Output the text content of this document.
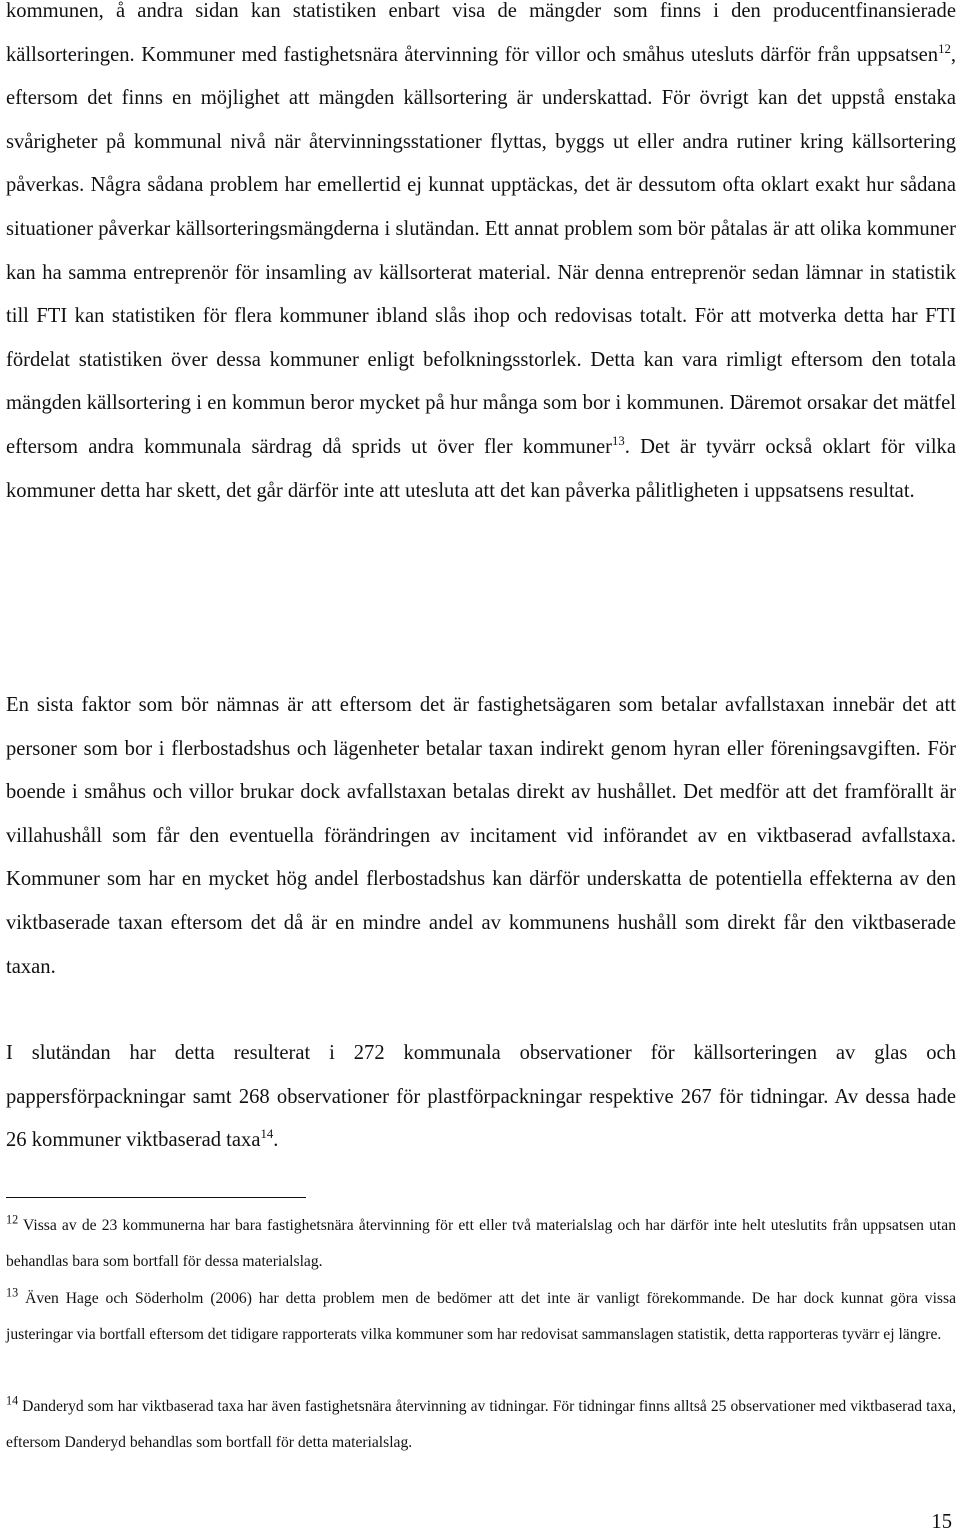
kommunen, å andra sidan kan statistiken enbart visa de mängder som finns i den producentfinansierade källsorteringen. Kommuner med fastighetsnära återvinning för villor och småhus utesluts därför från uppsatsen$^{12}$, eftersom det finns en möjlighet att mängden källsortering är underskattad. För övrigt kan det uppstå enstaka svårigheter på kommunal nivå när återvinningsstationer flyttas, byggs ut eller andra rutiner kring källsortering påverkas. Några sådana problem har emellertid ej kunnat upptäckas, det är dessutom ofta oklart exakt hur sådana situationer påverkar källsorteringsmängderna i slutändan. Ett annat problem som bör påtalas är att olika kommuner kan ha samma entreprenör för insamling av källsorterat material. När denna entreprenör sedan lämnar in statistik till FTI kan statistiken för flera kommuner ibland slås ihop och redovisas totalt. För att motverka detta har FTI fördelat statistiken över dessa kommuner enligt befolkningsstorlek. Detta kan vara rimligt eftersom den totala mängden källsortering i en kommun beror mycket på hur många som bor i kommunen. Däremot orsakar det mätfel eftersom andra kommunala särdrag då sprids ut över fler kommuner$^{13}$. Det är tyvärr också oklart för vilka kommuner detta har skett, det går därför inte att utesluta att det kan påverka pålitligheten i uppsatsens resultat.

En sista faktor som bör nämnas är att eftersom det är fastighetsägaren som betalar avfallstaxan innebär det att personer som bor i flerbostadshus och lägenheter betalar taxan indirekt genom hyran eller föreningsavgiften. För boende i småhus och villor brukar dock avfallstaxan betalas direkt av hushållet. Det medför att det framförallt är villahushåll som får den eventuella förändringen av incitament vid införandet av en viktbaserad avfallstaxa. Kommuner som har en mycket hög andel flerbostadshus kan därför underskatta de potentiella effekterna av den viktbaserade taxan eftersom det då är en mindre andel av kommunens hushåll som direkt får den viktbaserade taxan.

I slutändan har detta resulterat i 272 kommunala observationer för källsorteringen av glas och pappersförpackningar samt 268 observationer för plastförpackningar respektive 267 för tidningar. Av dessa hade 26 kommuner viktbaserad taxa$^{14}$.

$^{12}$ Vissa av de 23 kommunerna har bara fastighetsnära återvinning för ett eller två materialslag och har därför inte helt uteslutits från uppsatsen utan behandlas bara som bortfall för dessa materialslag.

$^{13}$ Även Hage och Söderholm (2006) har detta problem men de bedömer att det inte är vanligt förekommande. De har dock kunnat göra vissa justeringar via bortfall eftersom det tidigare rapporterats vilka kommuner som har redovisat sammanslagen statistik, detta rapporteras tyvärr ej längre.

$^{14}$ Danderyd som har viktbaserad taxa har även fastighetsnära återvinning av tidningar. För tidningar finns alltså 25 observationer med viktbaserad taxa, eftersom Danderyd behandlas som bortfall för detta materialslag.

15
